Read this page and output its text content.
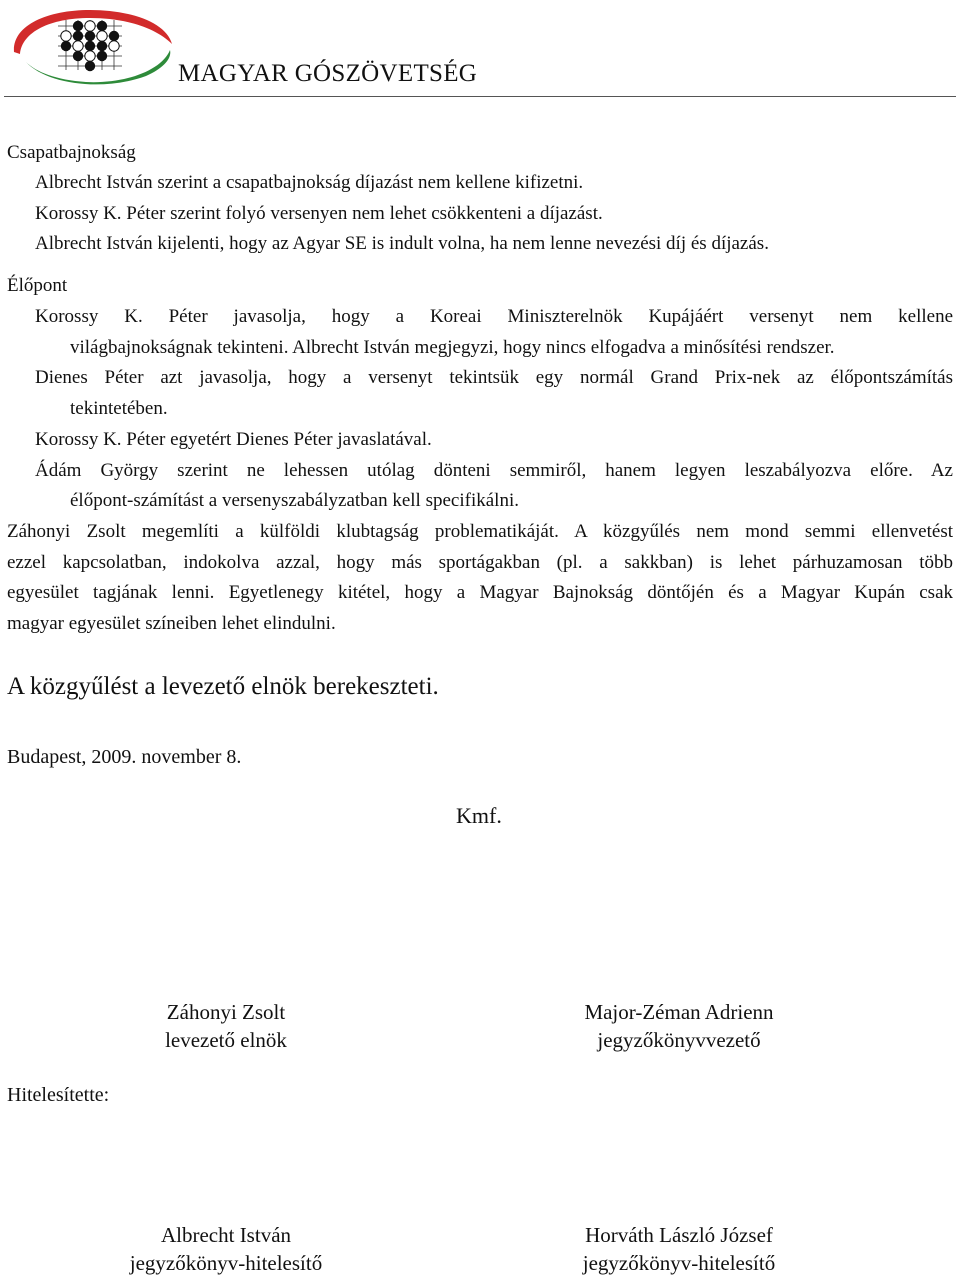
MAGYAR GÓSZÖVETSÉG
Csapatbajnokság
Albrecht István szerint a csapatbajnokság díjazást nem kellene kifizetni.
Korossy K. Péter szerint folyó versenyen nem lehet csökkenteni a díjazást.
Albrecht István kijelenti, hogy az Agyar SE is indult volna, ha nem lenne nevezési díj és díjazás.
Élőpont
Korossy K. Péter javasolja, hogy a Koreai Miniszterelnök Kupájáért versenyt nem kellene
világbajnokságnak tekinteni. Albrecht István megjegyzi, hogy nincs elfogadva a minősítési rendszer.
Dienes Péter azt javasolja, hogy a versenyt tekintsük egy normál Grand Prix-nek az élőpontszámítás
tekintetében.
Korossy K. Péter egyetért Dienes Péter javaslatával.
Ádám György szerint ne lehessen utólag dönteni semmiről, hanem legyen leszabályozva előre. Az
élőpont-számítást a versenyszabályzatban kell specifikálni.
Záhonyi Zsolt megemlíti a külföldi klubtagság problematikáját. A közgyűlés nem mond semmi ellenvetést
ezzel kapcsolatban, indokolva azzal, hogy más sportágakban (pl. a sakkban) is lehet párhuzamosan több
egyesület tagjának lenni. Egyetlenegy kitétel, hogy a Magyar Bajnokság döntőjén és a Magyar Kupán csak
magyar egyesület színeiben lehet elindulni.
A közgyűlést a levezető elnök berekeszteti.
Budapest, 2009. november 8.
Kmf.
Záhonyi Zsolt
levezető elnök
Major-Zéman Adrienn
jegyzőkönyvvezető
Hitelesítette:
Albrecht István
jegyzőkönyv-hitelesítő
Horváth László József
jegyzőkönyv-hitelesítő
